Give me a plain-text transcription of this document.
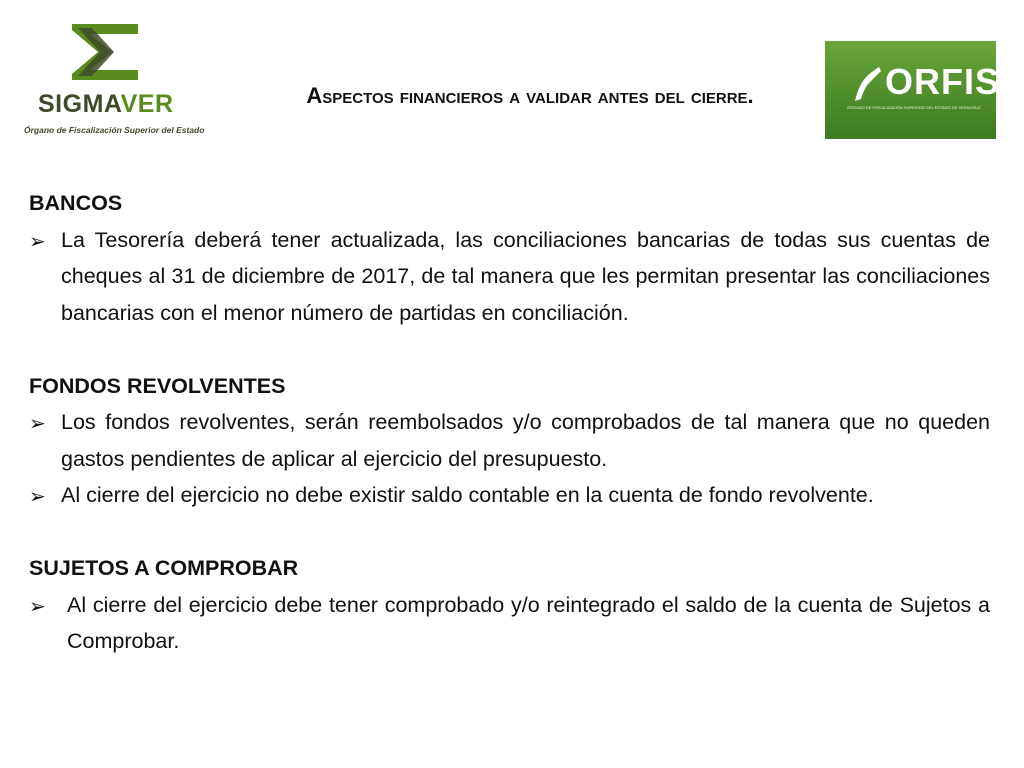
SIGMAVER
Órgano de Fiscalización Superior del Estado
Aspectos financieros a validar antes del cierre.	ORFIS
ÓRGANO DE FISCALIZACIÓN SUPERIOR DEL ESTADO DE VERACRUZ

BANCOS

➢ La Tesorería deberá tener actualizada, las conciliaciones bancarias de todas sus cuentas de cheques al 31 de diciembre de 2017, de tal manera que les permitan presentar las conciliaciones bancarias con el menor número de partidas en conciliación.

FONDOS REVOLVENTES

➢ Los fondos revolventes, serán reembolsados y/o comprobados de tal manera que no queden gastos pendientes de aplicar al ejercicio del presupuesto.

➢ Al cierre del ejercicio no debe existir saldo contable en la cuenta de fondo revolvente.

SUJETOS A COMPROBAR

➢ Al cierre del ejercicio debe tener comprobado y/o reintegrado el saldo de la cuenta de Sujetos a Comprobar.
